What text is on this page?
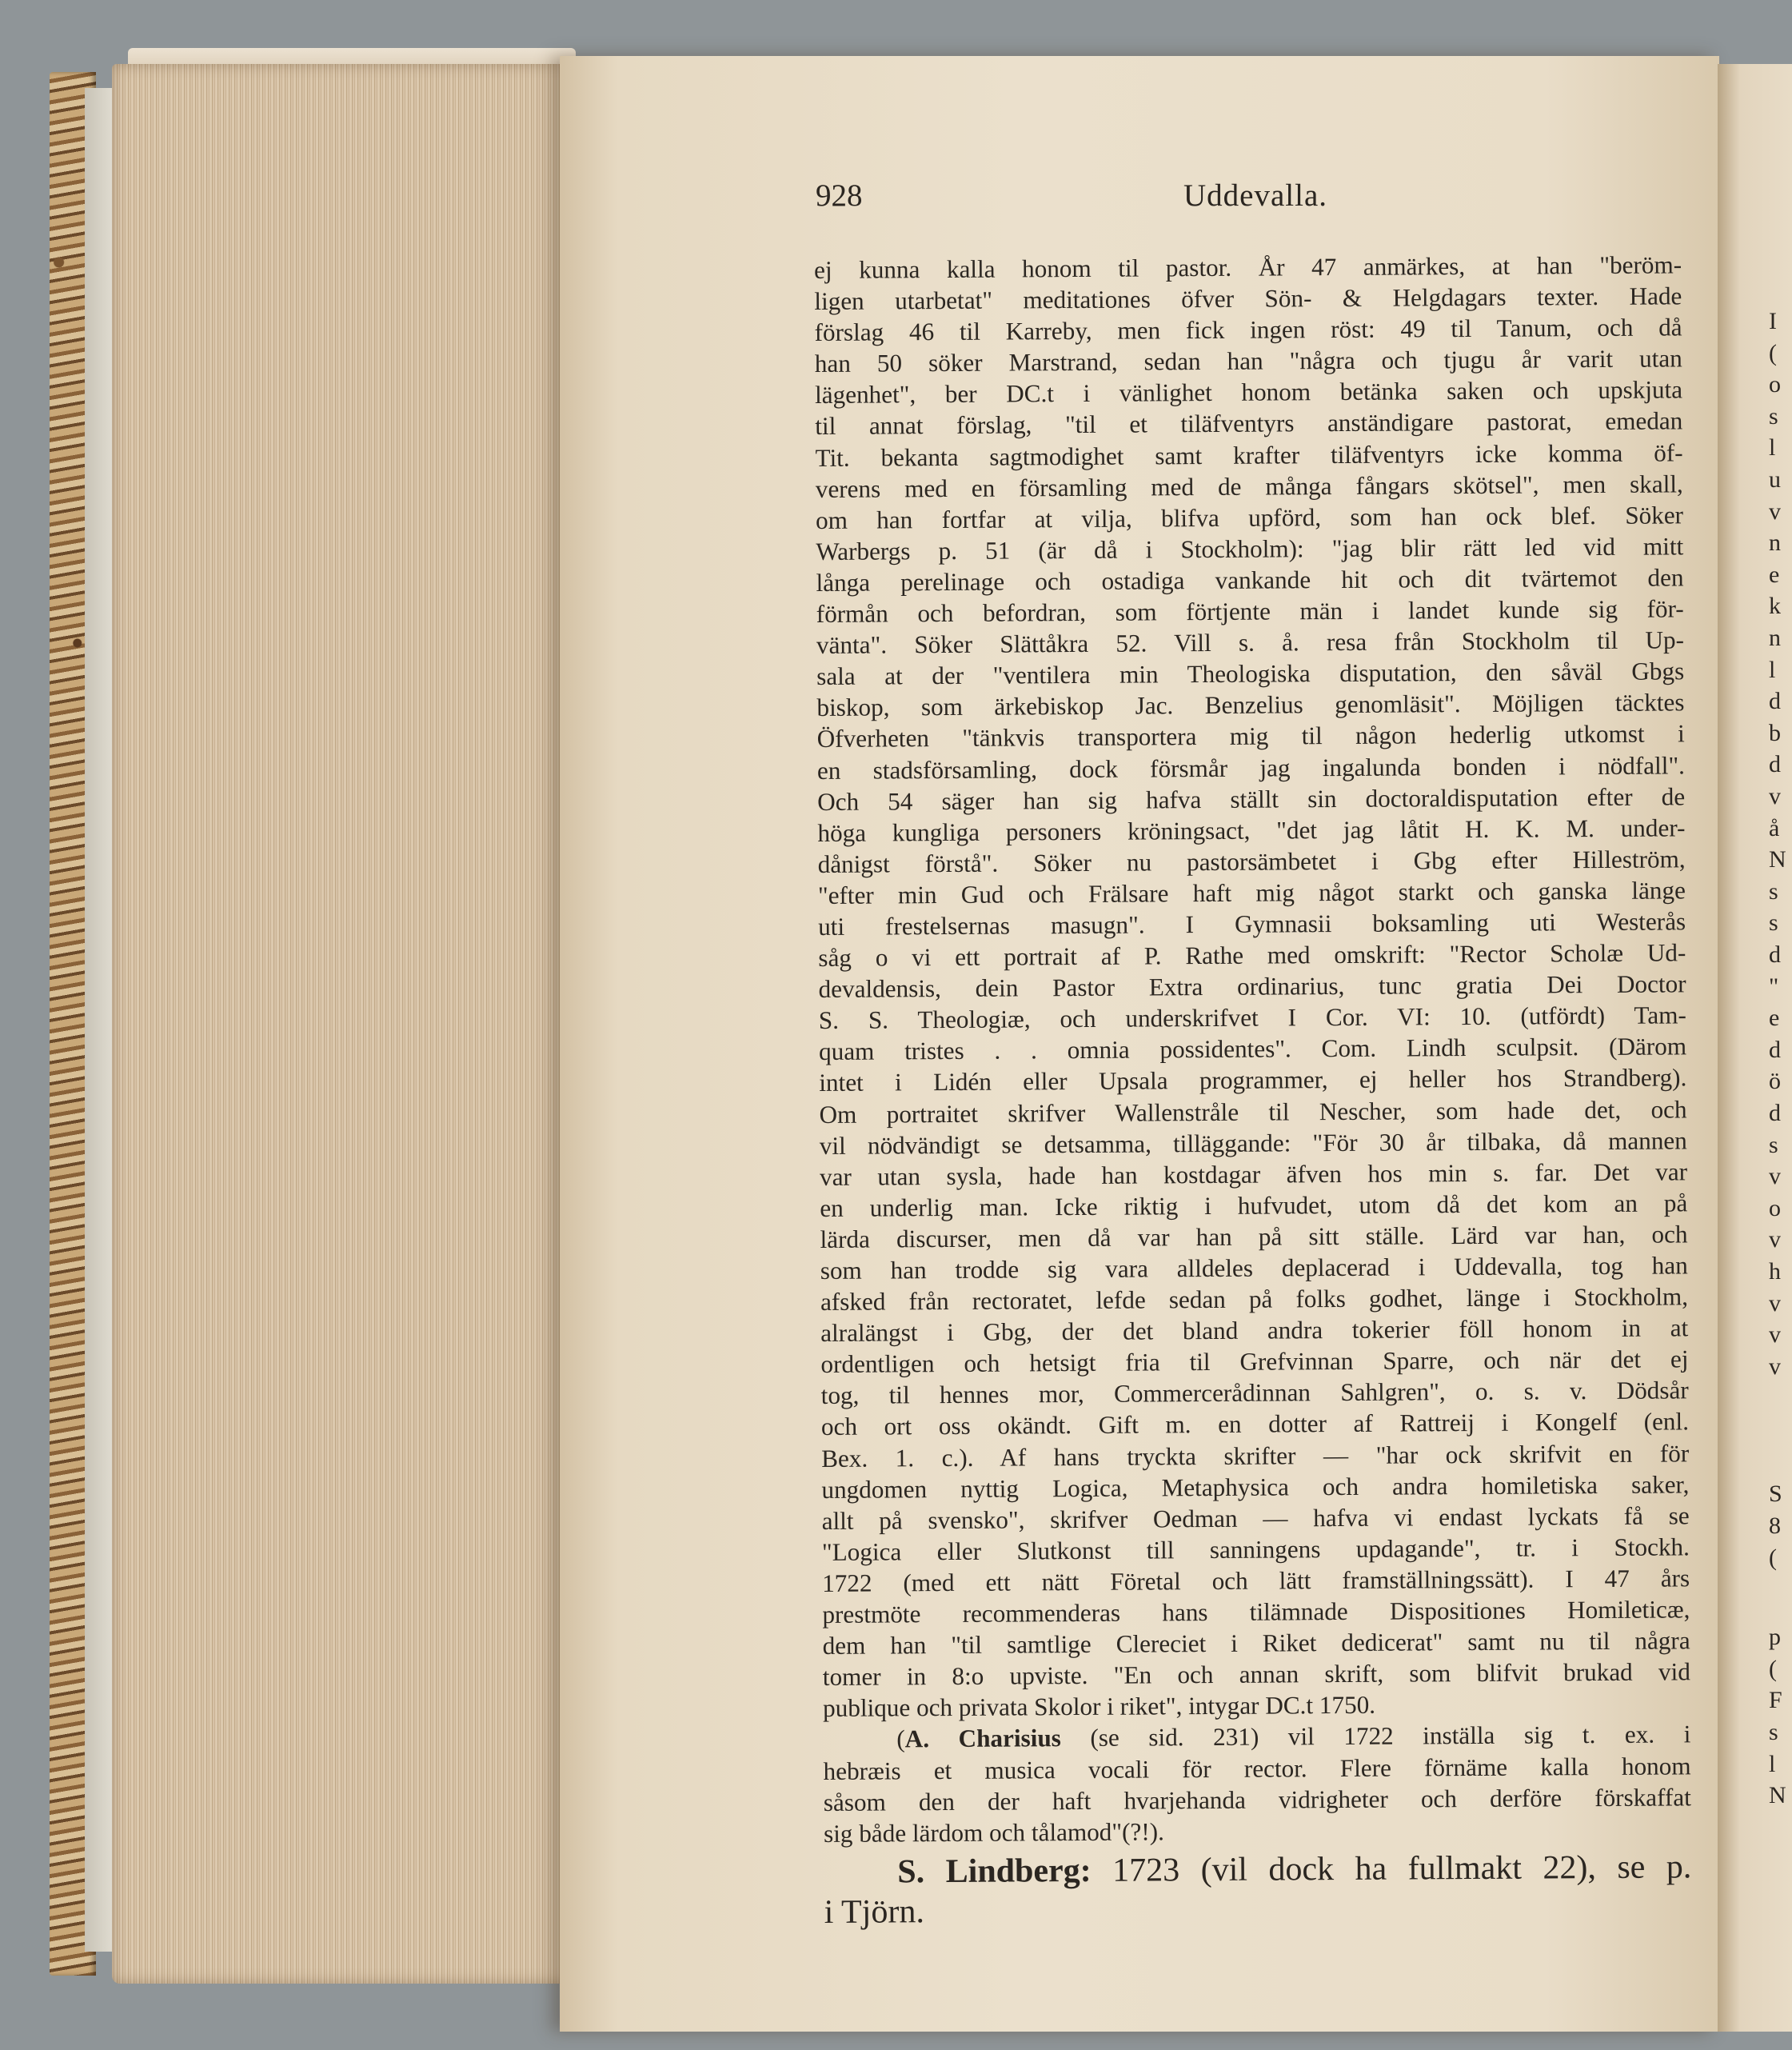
928	Uddevalla.
ej kunna kalla honom til pastor. År 47 anmärkes, at han "beröm-
ligen utarbetat" meditationes öfver Sön- & Helgdagars texter. Hade
förslag 46 til Karreby, men fick ingen röst: 49 til Tanum, och då
han 50 söker Marstrand, sedan han "några och tjugu år varit utan
lägenhet", ber DC.t i vänlighet honom betänka saken och upskjuta
til annat förslag, "til et tiläfventyrs anständigare pastorat, emedan
Tit. bekanta sagtmodighet samt krafter tiläfventyrs icke komma öf-
verens med en församling med de många fångars skötsel", men skall,
om han fortfar at vilja, blifva upförd, som han ock blef. Söker
Warbergs p. 51 (är då i Stockholm): "jag blir rätt led vid mitt
långa perelinage och ostadiga vankande hit och dit tvärtemot den
förmån och befordran, som förtjente män i landet kunde sig för-
vänta". Söker Slättåkra 52. Vill s. å. resa från Stockholm til Up-
sala at der "ventilera min Theologiska disputation, den såväl Gbgs
biskop, som ärkebiskop Jac. Benzelius genomläsit". Möjligen täcktes
Öfverheten "tänkvis transportera mig til någon hederlig utkomst i
en stadsförsamling, dock försmår jag ingalunda bonden i nödfall".
Och 54 säger han sig hafva ställt sin doctoraldisputation efter de
höga kungliga personers kröningsact, "det jag låtit H. K. M. under-
dånigst förstå". Söker nu pastorsämbetet i Gbg efter Hilleström,
"efter min Gud och Frälsare haft mig något starkt och ganska länge
uti frestelsernas masugn". I Gymnasii boksamling uti Westerås
såg o vi ett portrait af P. Rathe med omskrift: "Rector Scholæ Ud-
devaldensis, dein Pastor Extra ordinarius, tunc gratia Dei Doctor
S. S. Theologiæ, och underskrifvet I Cor. VI: 10. (utfördt) Tam-
quam tristes . . omnia possidentes". Com. Lindh sculpsit. (Därom
intet i Lidén eller Upsala programmer, ej heller hos Strandberg).
Om portraitet skrifver Wallenstråle til Nescher, som hade det, och
vil nödvändigt se detsamma, tilläggande: "För 30 år tilbaka, då mannen
var utan sysla, hade han kostdagar äfven hos min s. far. Det var
en underlig man. Icke riktig i hufvudet, utom då det kom an på
lärda discurser, men då var han på sitt ställe. Lärd var han, och
som han trodde sig vara alldeles deplacerad i Uddevalla, tog han
afsked från rectoratet, lefde sedan på folks godhet, länge i Stockholm,
alralängst i Gbg, der det bland andra tokerier föll honom in at
ordentligen och hetsigt fria til Grefvinnan Sparre, och när det ej
tog, til hennes mor, Commercerådinnan Sahlgren", o. s. v. Dödsår
och ort oss okändt. Gift m. en dotter af Rattreij i Kongelf (enl.
Bex. 1. c.). Af hans tryckta skrifter — "har ock skrifvit en för
ungdomen nyttig Logica, Metaphysica och andra homiletiska saker,
allt på svensko", skrifver Oedman — hafva vi endast lyckats få se
"Logica eller Slutkonst till sanningens updagande", tr. i Stockh.
1722 (med ett nätt Företal och lätt framställningssätt). I 47 års
prestmöte recommenderas hans tilämnade Dispositiones Homileticæ,
dem han "til samtlige Clereciet i Riket dedicerat" samt nu til några
tomer in 8:o upviste. "En och annan skrift, som blifvit brukad vid
publique och privata Skolor i riket", intygar DC.t 1750.
(A. Charisius (se sid. 231) vil 1722 inställa sig t. ex. i
hebræis et musica vocali för rector. Flere förnäme kalla honom
såsom den der haft hvarjehanda vidrigheter och derföre förskaffat
sig både lärdom och tålamod"(?!).
S. Lindberg: 1723 (vil dock ha fullmakt 22), se p.
i Tjörn.
I
(
o
s
l
u
v
n
e
k
n
l
d
b
d
v
å
N
s
s
d
"
e
d
ö
d
s
v
o
v
h
v
v
v
S
8
(
p
(
F
s
l
N
